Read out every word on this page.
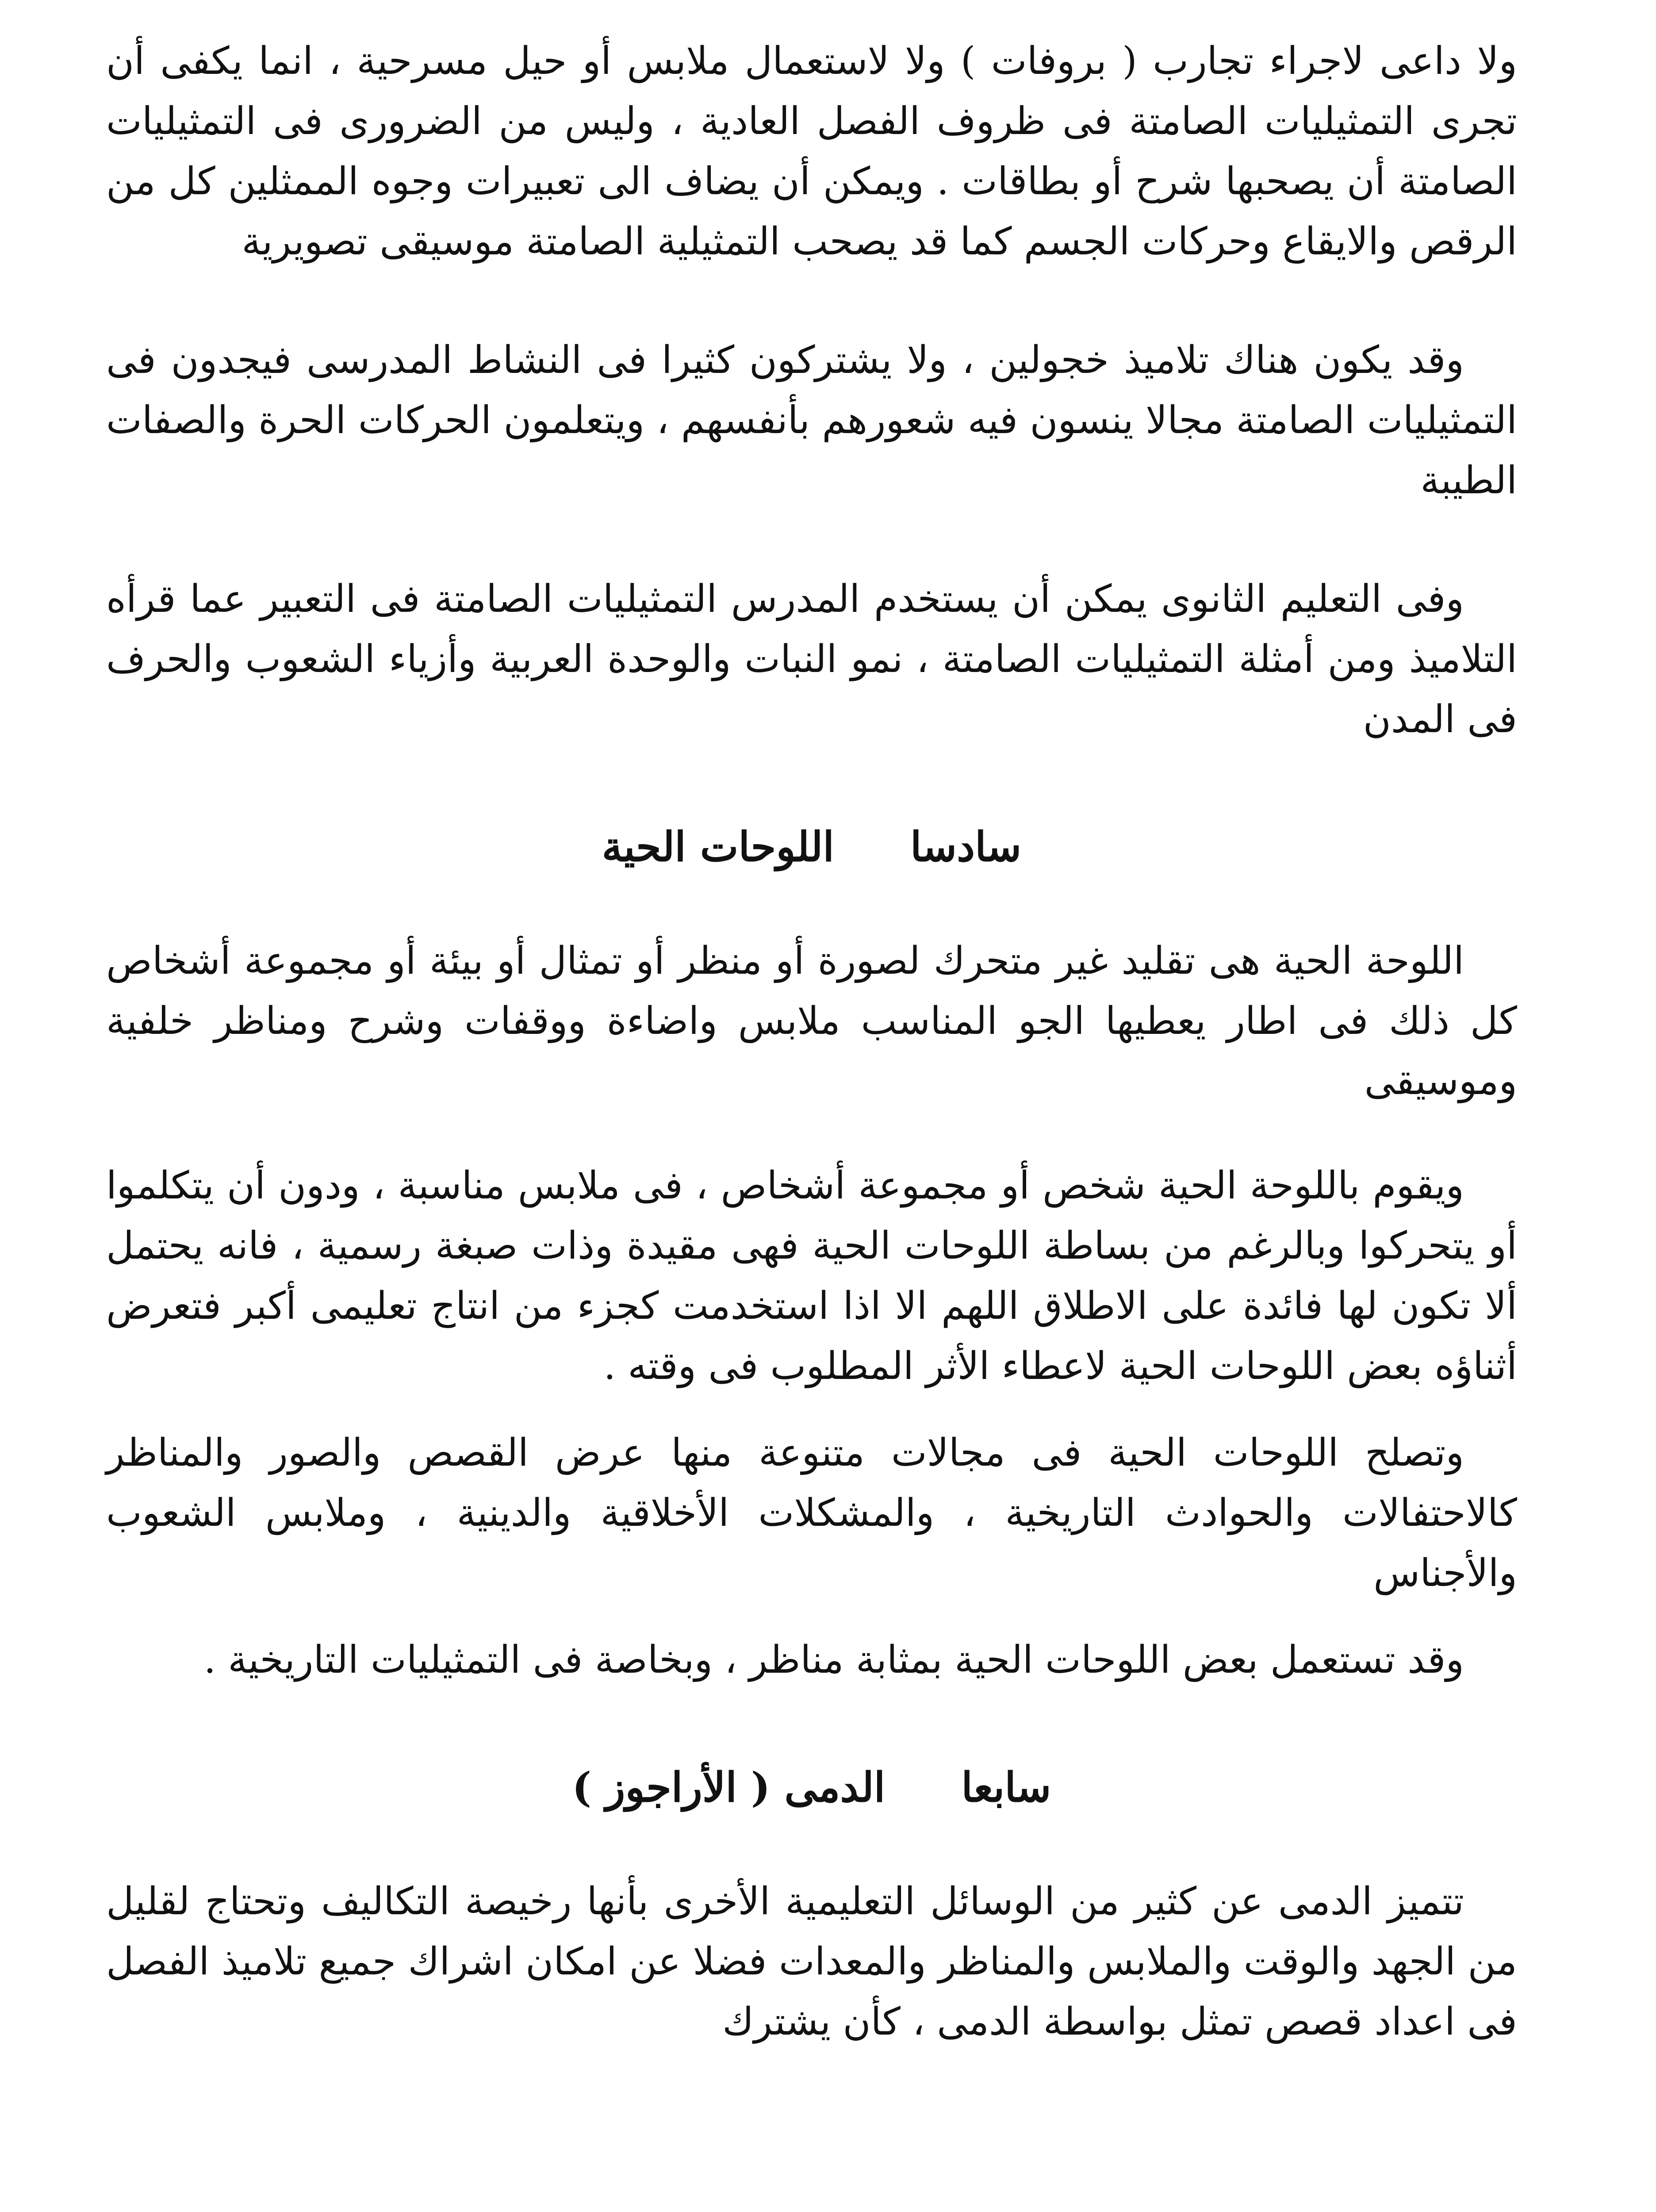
ولا داعى لاجراء تجارب ( بروفات ) ولا لاستعمال ملابس أو حيل مسرحية ، انما يكفى أن تجرى التمثيليات الصامتة فى ظروف الفصل العادية ، وليس من الضرورى فى التمثيليات الصامتة أن يصحبها شرح أو بطاقات . ويمكن أن يضاف الى تعبيرات وجوه الممثلين كل من الرقص والايقاع وحركات الجسم كما قد يصحب التمثيلية الصامتة موسيقى تصويرية

وقد يكون هناك تلاميذ خجولين ، ولا يشتركون كثيرا فى النشاط المدرسى فيجدون فى التمثيليات الصامتة مجالا ينسون فيه شعورهم بأنفسهم ، ويتعلمون الحركات الحرة والصفات الطيبة

وفى التعليم الثانوى يمكن أن يستخدم المدرس التمثيليات الصامتة فى التعبير عما قرأه التلاميذ ومن أمثلة التمثيليات الصامتة ، نمو النبات والوحدة العربية وأزياء الشعوب والحرف فى المدن

سادسا اللوحات الحية

اللوحة الحية هى تقليد غير متحرك لصورة أو منظر أو تمثال أو بيئة أو مجموعة أشخاص كل ذلك فى اطار يعطيها الجو المناسب ملابس واضاءة ووقفات وشرح ومناظر خلفية وموسيقى

ويقوم باللوحة الحية شخص أو مجموعة أشخاص ، فى ملابس مناسبة ، ودون أن يتكلموا أو يتحركوا وبالرغم من بساطة اللوحات الحية فهى مقيدة وذات صبغة رسمية ، فانه يحتمل ألا تكون لها فائدة على الاطلاق اللهم الا اذا استخدمت كجزء من انتاج تعليمى أكبر فتعرض أثناؤه بعض اللوحات الحية لاعطاء الأثر المطلوب فى وقته .

وتصلح اللوحات الحية فى مجالات متنوعة منها عرض القصص والصور والمناظر كالاحتفالات والحوادث التاريخية ، والمشكلات الأخلاقية والدينية ، وملابس الشعوب والأجناس

وقد تستعمل بعض اللوحات الحية بمثابة مناظر ، وبخاصة فى التمثيليات التاريخية .

سابعا الدمى ( الأراجوز )

تتميز الدمى عن كثير من الوسائل التعليمية الأخرى بأنها رخيصة التكاليف وتحتاج لقليل من الجهد والوقت والملابس والمناظر والمعدات فضلا عن امكان اشراك جميع تلاميذ الفصل فى اعداد قصص تمثل بواسطة الدمى ، كأن يشترك
